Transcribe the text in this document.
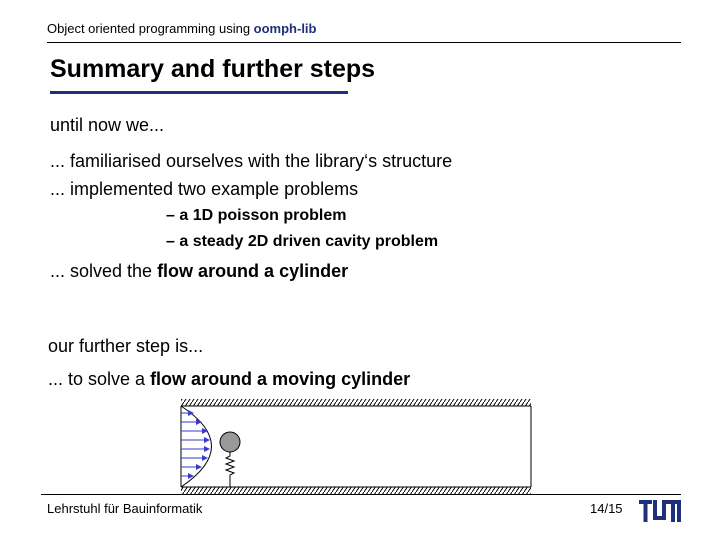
Object oriented programming using oomph-lib
Summary and further steps
until now we...
... familiarised ourselves with the library‘s structure
... implemented two example problems
– a 1D poisson problem
– a steady 2D driven cavity problem
... solved the flow around a cylinder
our further step is...
... to solve a flow around a moving cylinder
Lehrstuhl für Bauinformatik	14/15
